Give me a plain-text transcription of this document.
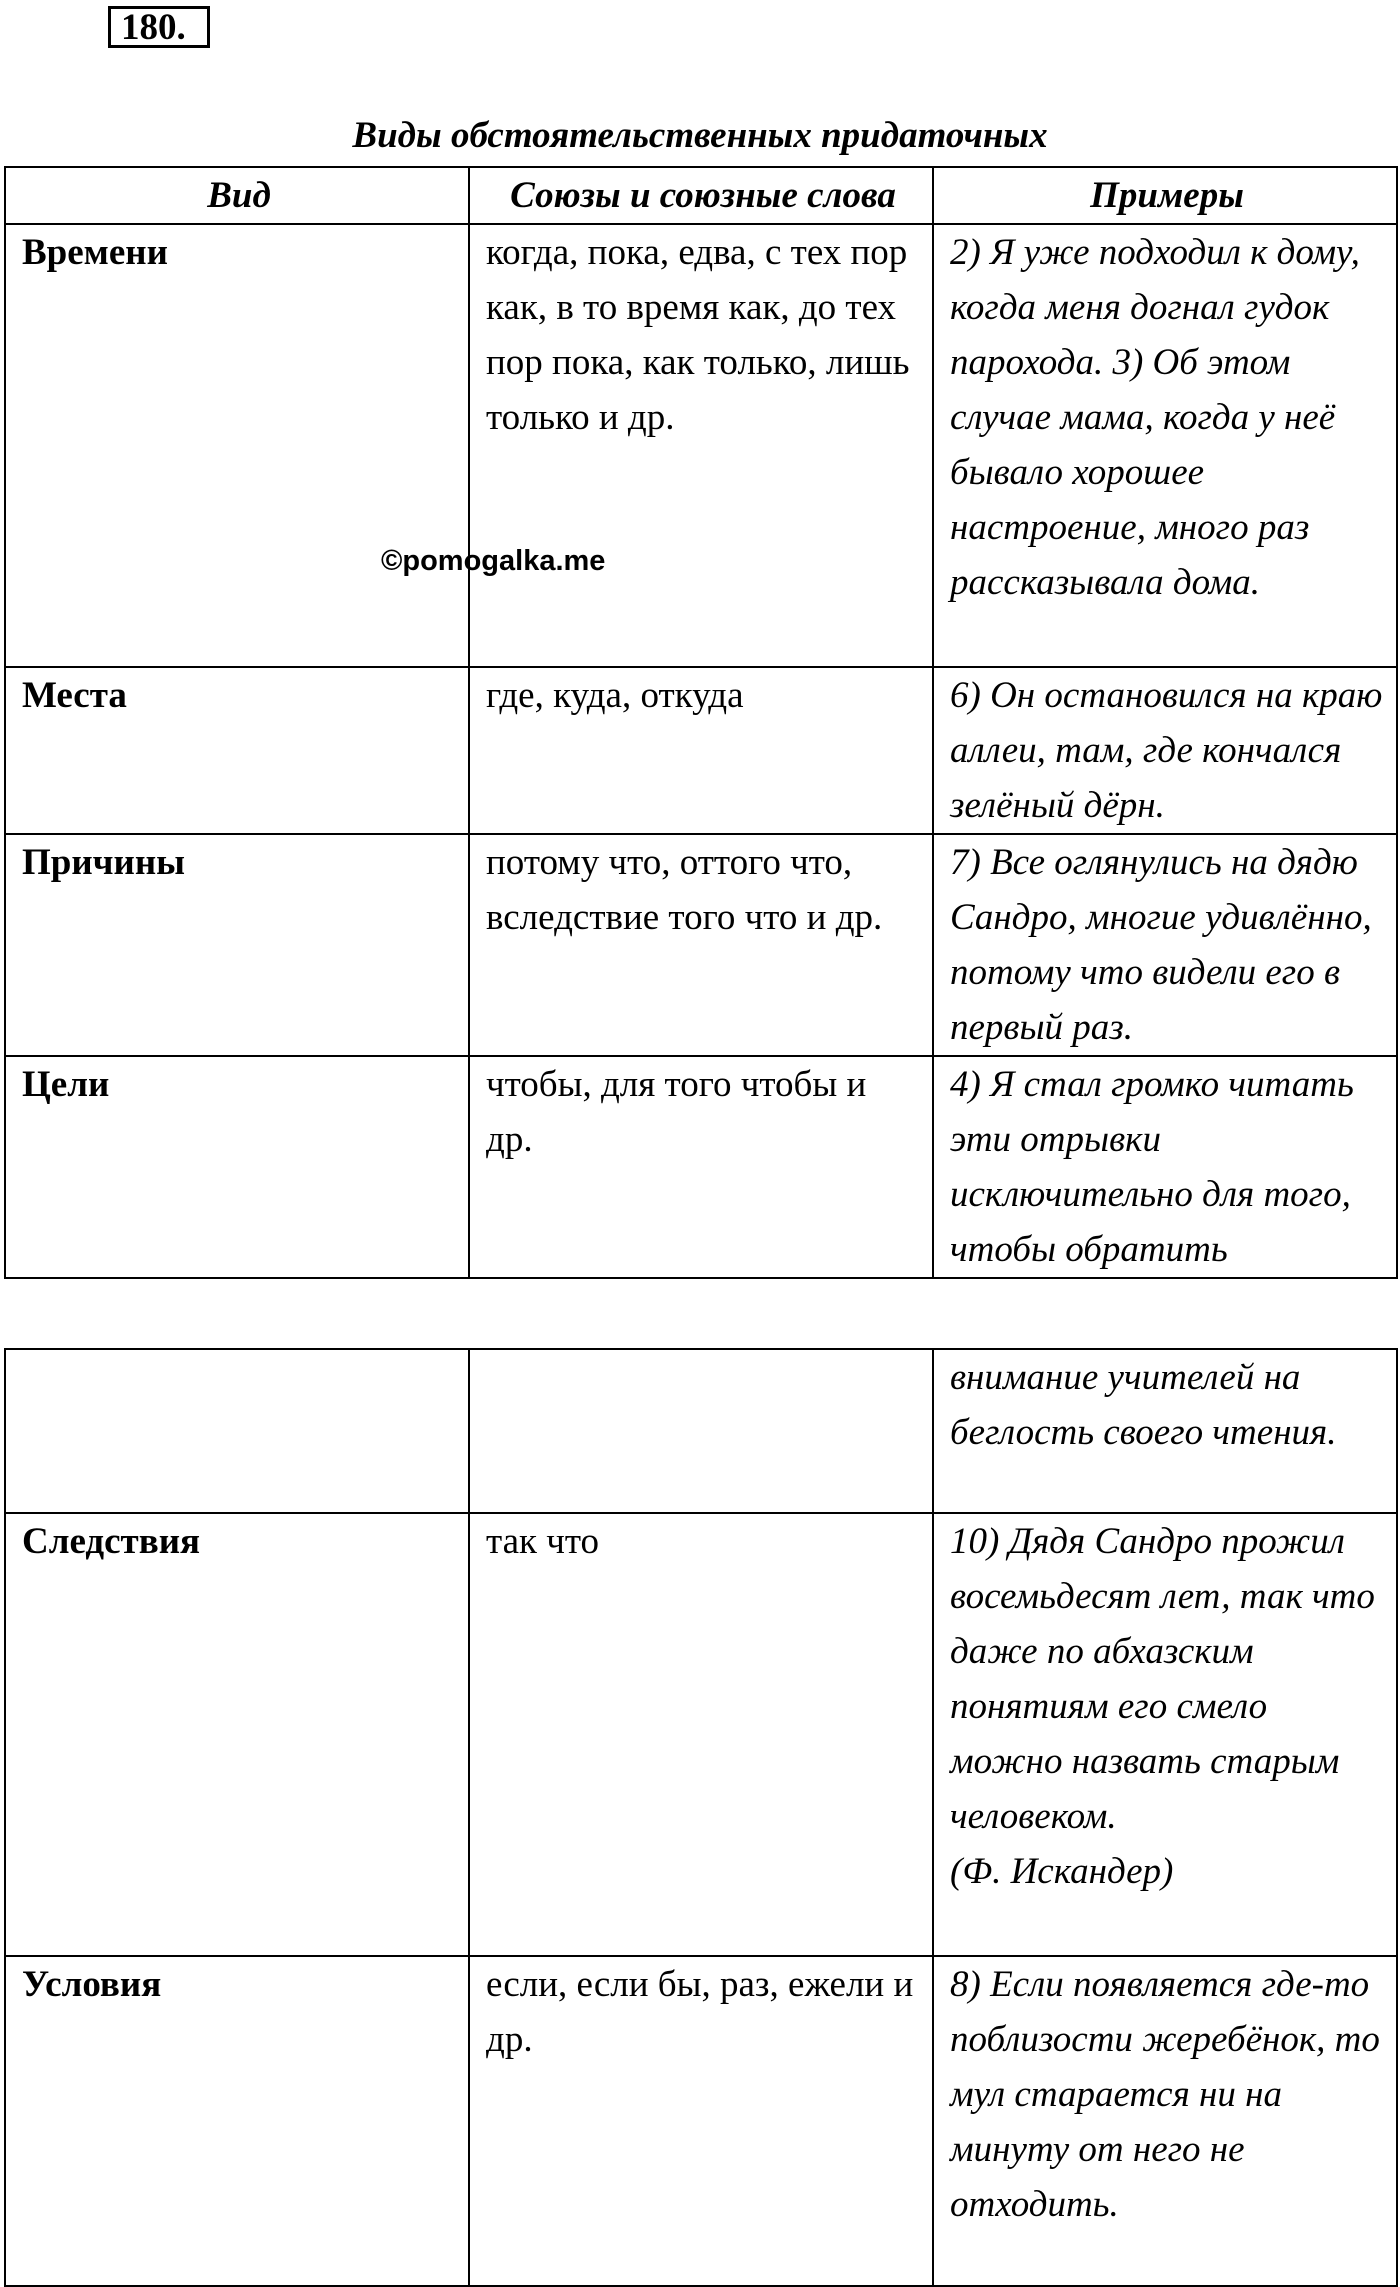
180.
Виды обстоятельственных придаточных
Вид	Союзы и союзные слова	Примеры
Времени	когда, пока, едва, с тех пор как, в то время как, до тех пор пока, как только, лишь только и др.	2) Я уже подходил к дому, когда меня догнал гудок парохода. 3) Об этом случае мама, когда у неё бывало хорошее настроение, много раз рассказывала дома.
Места	где, куда, откуда	6) Он остановился на краю аллеи, там, где кончался зелёный дёрн.
Причины	потому что, оттого что, вследствие того что и др.	7) Все оглянулись на дядю Сандро, многие удивлённо, потому что видели его в первый раз.
Цели	чтобы, для того чтобы и др.	4) Я стал громко читать эти отрывки исключительно для того, чтобы обратить
		внимание учителей на беглость своего чтения.
Следствия	так что	10) Дядя Сандро прожил восемьдесят лет, так что даже по абхазским понятиям его смело можно назвать старым человеком.
(Ф. Искандер)
Условия	если, если бы, раз, ежели и др.	8) Если появляется где-то поблизости жеребёнок, то мул старается ни на минуту от него не отходить.
©pomogalka.me
